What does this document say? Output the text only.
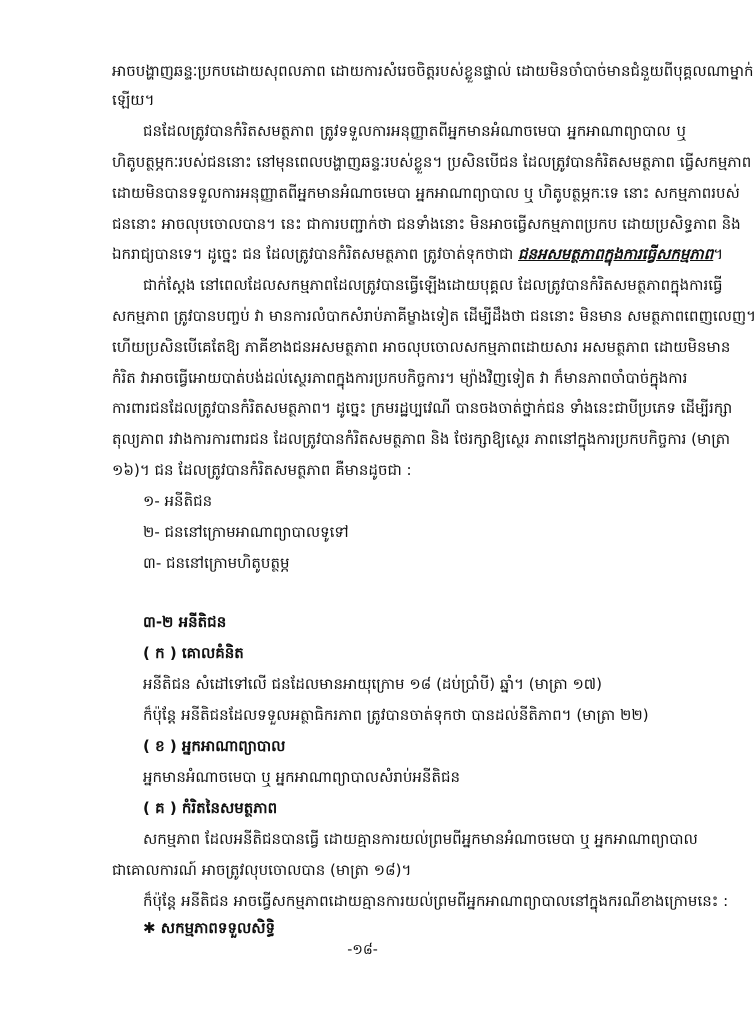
អាចបង្ហាញឆន្ទៈប្រកបដោយសុពលភាព ដោយការសំរេចចិត្តរបស់ខ្លួនផ្ទាល់ ដោយមិនចាំបាច់មានជំនួយពីបុគ្គលណាម្នាក់
ឡើយ។
ជនដែលត្រូវបានកំរិតសមត្ថភាព ត្រូវទទួលការអនុញ្ញាតពីអ្នកមានអំណាចមេបា អ្នកអាណាព្យាបាល ឬ
ហិតូបត្ថម្ភកៈរបស់ជននោះ នៅមុនពេលបង្ហាញឆន្ទៈរបស់ខ្លួន។ ប្រសិនបើជន ដែលត្រូវបានកំរិតសមត្ថភាព ធ្វើសកម្មភាព
ដោយមិនបានទទួលការអនុញ្ញាតពីអ្នកមានអំណាចមេបា អ្នកអាណាព្យាបាល ឬ ហិតូបត្ថម្ភកៈទេ នោះ សកម្មភាពរបស់
ជននោះ អាចលុបចោលបាន។ នេះ ជាការបញ្ជាក់ថា ជនទាំងនោះ មិនអាចធ្វើសកម្មភាពប្រកប ដោយប្រសិទ្ធភាព និង
ឯករាជ្យបានទេ។ ដូច្នេះ ជន ដែលត្រូវបានកំរិតសមត្ថភាព ត្រូវចាត់ទុកថាជា ជនអសមត្ថភាពក្នុងការធ្វើសកម្មភាព។
ជាក់ស្តែង នៅពេលដែលសកម្មភាពដែលត្រូវបានធ្វើឡើងដោយបុគ្គល ដែលត្រូវបានកំរិតសមត្ថភាពក្នុងការធ្វើ
សកម្មភាព ត្រូវបានបញ្ចប់ វា មានការលំបាកសំរាប់ភាគីម្ខាងទៀត ដើម្បីដឹងថា ជននោះ មិនមាន សមត្ថភាពពេញលេញ។
ហើយប្រសិនបើគេតែឱ្យ ភាគីខាងជនអសមត្ថភាព អាចលុបចោលសកម្មភាពដោយសារ អសមត្ថភាព ដោយមិនមាន
កំរិត វាអាចធ្វើអោយបាត់បង់ដល់ស្ថេរភាពក្នុងការប្រកបកិច្ចការ។ ម្យ៉ាងវិញទៀត វា ក៏មានភាពចាំបាច់ក្នុងការ
ការពារជនដែលត្រូវបានកំរិតសមត្ថភាព។ ដូច្នេះ ក្រមរដ្ឋប្បវេណី បានចងចាត់ថ្នាក់ជន ទាំងនេះជាបីប្រភេទ ដើម្បីរក្សា
តុល្យភាព រវាងការការពារជន ដែលត្រូវបានកំរិតសមត្ថភាព និង ថែរក្សាឱ្យស្ថេរ ភាពនៅក្នុងការប្រកបកិច្ចការ (មាត្រា
១៦)។ ជន ដែលត្រូវបានកំរិតសមត្ថភាព គឺមានដូចជា :
១- អនីតិជន
២- ជននៅក្រោមអាណាព្យាបាលទូទៅ
៣- ជននៅក្រោមហិតូបត្ថម្ភ
៣-២ អនីតិជន
( ក ) គោលគំនិត
អនីតិជន សំដៅទៅលើ ជនដែលមានអាយុក្រោម ១៨ (ដប់ប្រាំបី) ឆ្នាំ។ (មាត្រា ១៧)
ក៏ប៉ុន្តែ អនីតិជនដែលទទួលអត្ថាធិករភាព ត្រូវបានចាត់ទុកថា បានដល់នីតិភាព។ (មាត្រា ២២)
( ខ ) អ្នកអាណាព្យាបាល
អ្នកមានអំណាចមេបា ឬ អ្នកអាណាព្យាបាលសំរាប់អនីតិជន
( គ ) កំរិតនៃសមត្ថភាព
សកម្មភាព ដែលអនីតិជនបានធ្វើ ដោយគ្មានការយល់ព្រមពីអ្នកមានអំណាចមេបា ឬ អ្នកអាណាព្យាបាល
ជាគោលការណ៍ អាចត្រូវលុបចោលបាន (មាត្រា ១៨)។
ក៏ប៉ុន្តែ អនីតិជន អាចធ្វើសកម្មភាពដោយគ្មានការយល់ព្រមពីអ្នកអាណាព្យាបាលនៅក្នុងករណីខាងក្រោមនេះ :
✱ សកម្មភាពទទួលសិទ្ធិ
-១៨-
